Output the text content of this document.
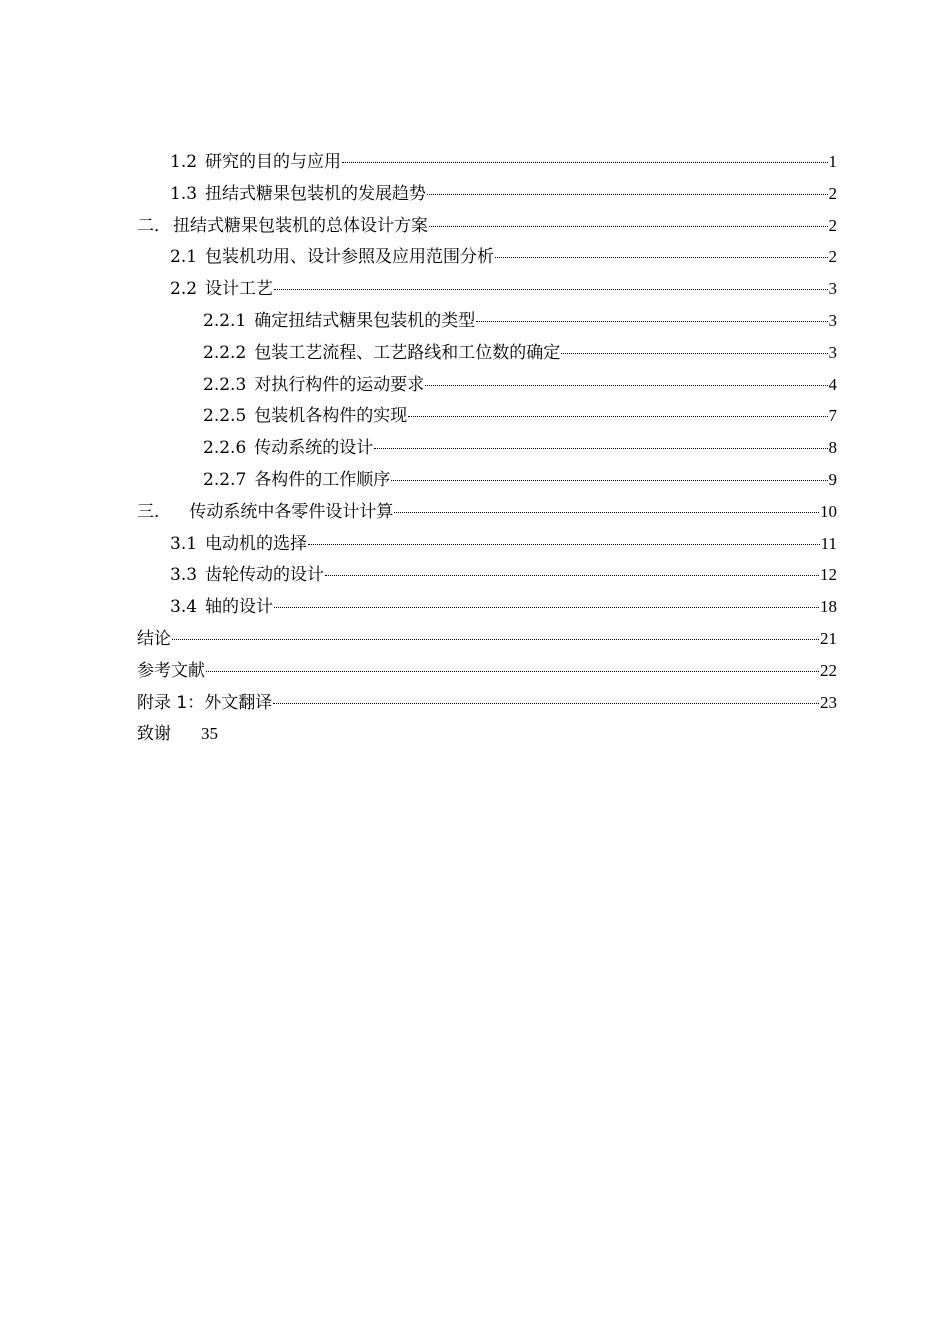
1.2 研究的目的与应用	1
1.3 扭结式糖果包装机的发展趋势	2
二． 扭结式糖果包装机的总体设计方案	2
2.1 包装机功用、设计参照及应用范围分析	2
2.2 设计工艺	3
2.2.1 确定扭结式糖果包装机的类型	3
2.2.2 包装工艺流程、工艺路线和工位数的确定	3
2.2.3 对执行构件的运动要求	4
2.2.5 包装机各构件的实现	7
2.2.6 传动系统的设计	8
2.2.7 各构件的工作顺序	9
三. 传动系统中各零件设计计算	10
3.1 电动机的选择	11
3.3 齿轮传动的设计	12
3.4 轴的设计	18
结论	21
参考文献	22
附录 1：外文翻译	23
致谢 35
